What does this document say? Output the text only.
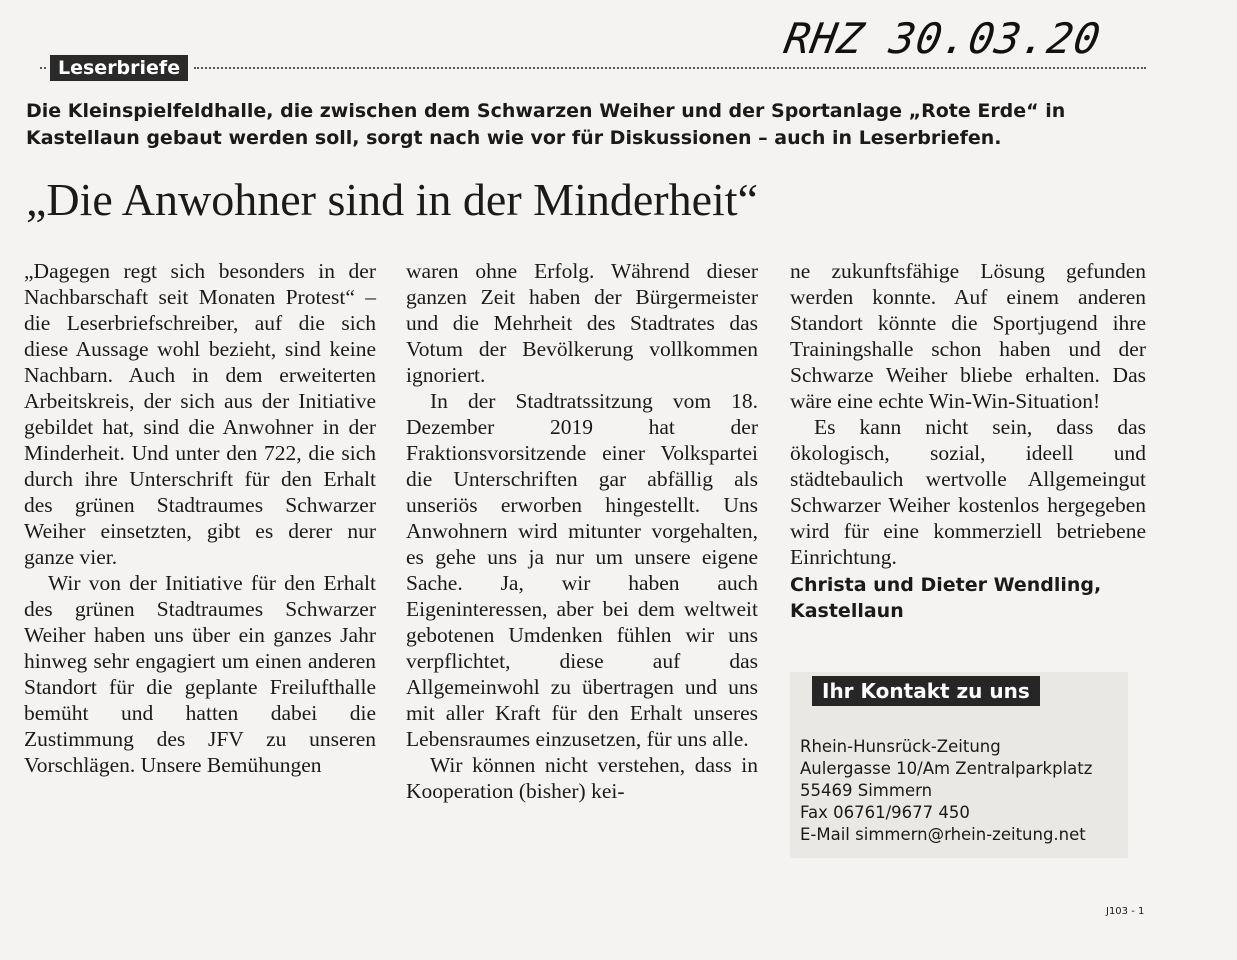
RHZ 30.03.20
Leserbriefe
Die Kleinspielfeldhalle, die zwischen dem Schwarzen Weiher und der Sportanlage „Rote Erde“ in Kastellaun gebaut werden soll, sorgt nach wie vor für Diskussionen – auch in Leserbriefen.
„Die Anwohner sind in der Minderheit“

„Dagegen regt sich besonders in der Nachbarschaft seit Monaten Protest“ – die Leserbriefschreiber, auf die sich diese Aussage wohl bezieht, sind keine Nachbarn. Auch in dem erweiterten Arbeitskreis, der sich aus der Initiative gebildet hat, sind die Anwohner in der Minderheit. Und unter den 722, die sich durch ihre Unterschrift für den Erhalt des grünen Stadtraumes Schwarzer Weiher einsetzten, gibt es derer nur ganze vier.

Wir von der Initiative für den Erhalt des grünen Stadtraumes Schwarzer Weiher haben uns über ein ganzes Jahr hinweg sehr engagiert um einen anderen Standort für die geplante Freilufthalle bemüht und hatten dabei die Zustimmung des JFV zu unseren Vorschlägen. Unsere Bemühungen

waren ohne Erfolg. Während dieser ganzen Zeit haben der Bürgermeister und die Mehrheit des Stadtrates das Votum der Bevölkerung vollkommen ignoriert.

In der Stadtratssitzung vom 18. Dezember 2019 hat der Fraktionsvorsitzende einer Volkspartei die Unterschriften gar abfällig als unseriös erworben hingestellt. Uns Anwohnern wird mitunter vorgehalten, es gehe uns ja nur um unsere eigene Sache. Ja, wir haben auch Eigeninteressen, aber bei dem weltweit gebotenen Umdenken fühlen wir uns verpflichtet, diese auf das Allgemeinwohl zu übertragen und uns mit aller Kraft für den Erhalt unseres Lebensraumes einzusetzen, für uns alle.

Wir können nicht verstehen, dass in Kooperation (bisher) kei-

ne zukunftsfähige Lösung gefunden werden konnte. Auf einem anderen Standort könnte die Sportjugend ihre Trainingshalle schon haben und der Schwarze Weiher bliebe erhalten. Das wäre eine echte Win-Win-Situation!

Es kann nicht sein, dass das ökologisch, sozial, ideell und städtebaulich wertvolle Allgemeingut Schwarzer Weiher kostenlos hergegeben wird für eine kommerziell betriebene Einrichtung.

Christa und Dieter Wendling, Kastellaun
Ihr Kontakt zu uns
Rhein-Hunsrück-Zeitung
Aulergasse 10/Am Zentralparkplatz
55469 Simmern
Fax 06761/9677 450
E-Mail simmern@rhein-zeitung.net
J103 - 1
